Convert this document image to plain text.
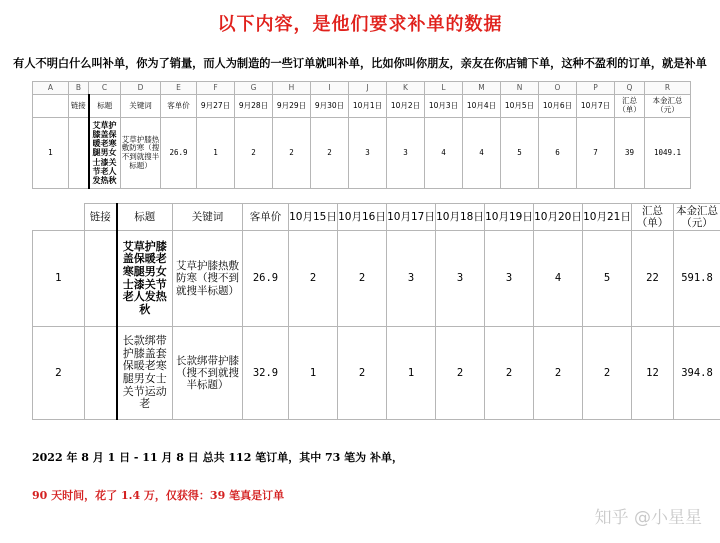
以下内容，是他们要求补单的数据
有人不明白什么叫补单，你为了销量，而人为制造的一些订单就叫补单，比如你叫你朋友，亲友在你店铺下单，这种不盈利的订单，就是补单
A	B	C	D	E	F	G	H	I	J	K	L	M	N	O	P	Q	R
	链接	标题	关键词	客单价	9月27日	9月28日	9月29日	9月30日	10月1日	10月2日	10月3日	10月4日	10月5日	10月6日	10月7日	汇总（单）	本金汇总（元）
1		艾草护膝盖保暖老寒腿男女士漆关节老人发热秋	艾草护膝热敷防寒（搜不到就搜半标题）	26.9	1	2	2	2	3	3	4	4	5	6	7	39	1049.1
	链接	标题	关键词	客单价	10月15日	10月16日	10月17日	10月18日	10月19日	10月20日	10月21日	汇总（单）	本金汇总（元）
1		艾草护膝盖保暖老寒腿男女士漆关节老人发热秋	艾草护膝热敷防寒（搜不到就搜半标题）	26.9	2	2	3	3	3	4	5	22	591.8
2		长款绑带护膝盖套保暖老寒腿男女士关节运动老	长款绑带护膝（搜不到就搜半标题）	32.9	1	2	1	2	2	2	2	12	394.8
2022 年 8 月 1 日 - 11 月 8 日 总共 112 笔订单，其中 73 笔为 补单，
90 天时间，花了 1.4 万，仅获得：39 笔真是订单
知乎 @小星星
